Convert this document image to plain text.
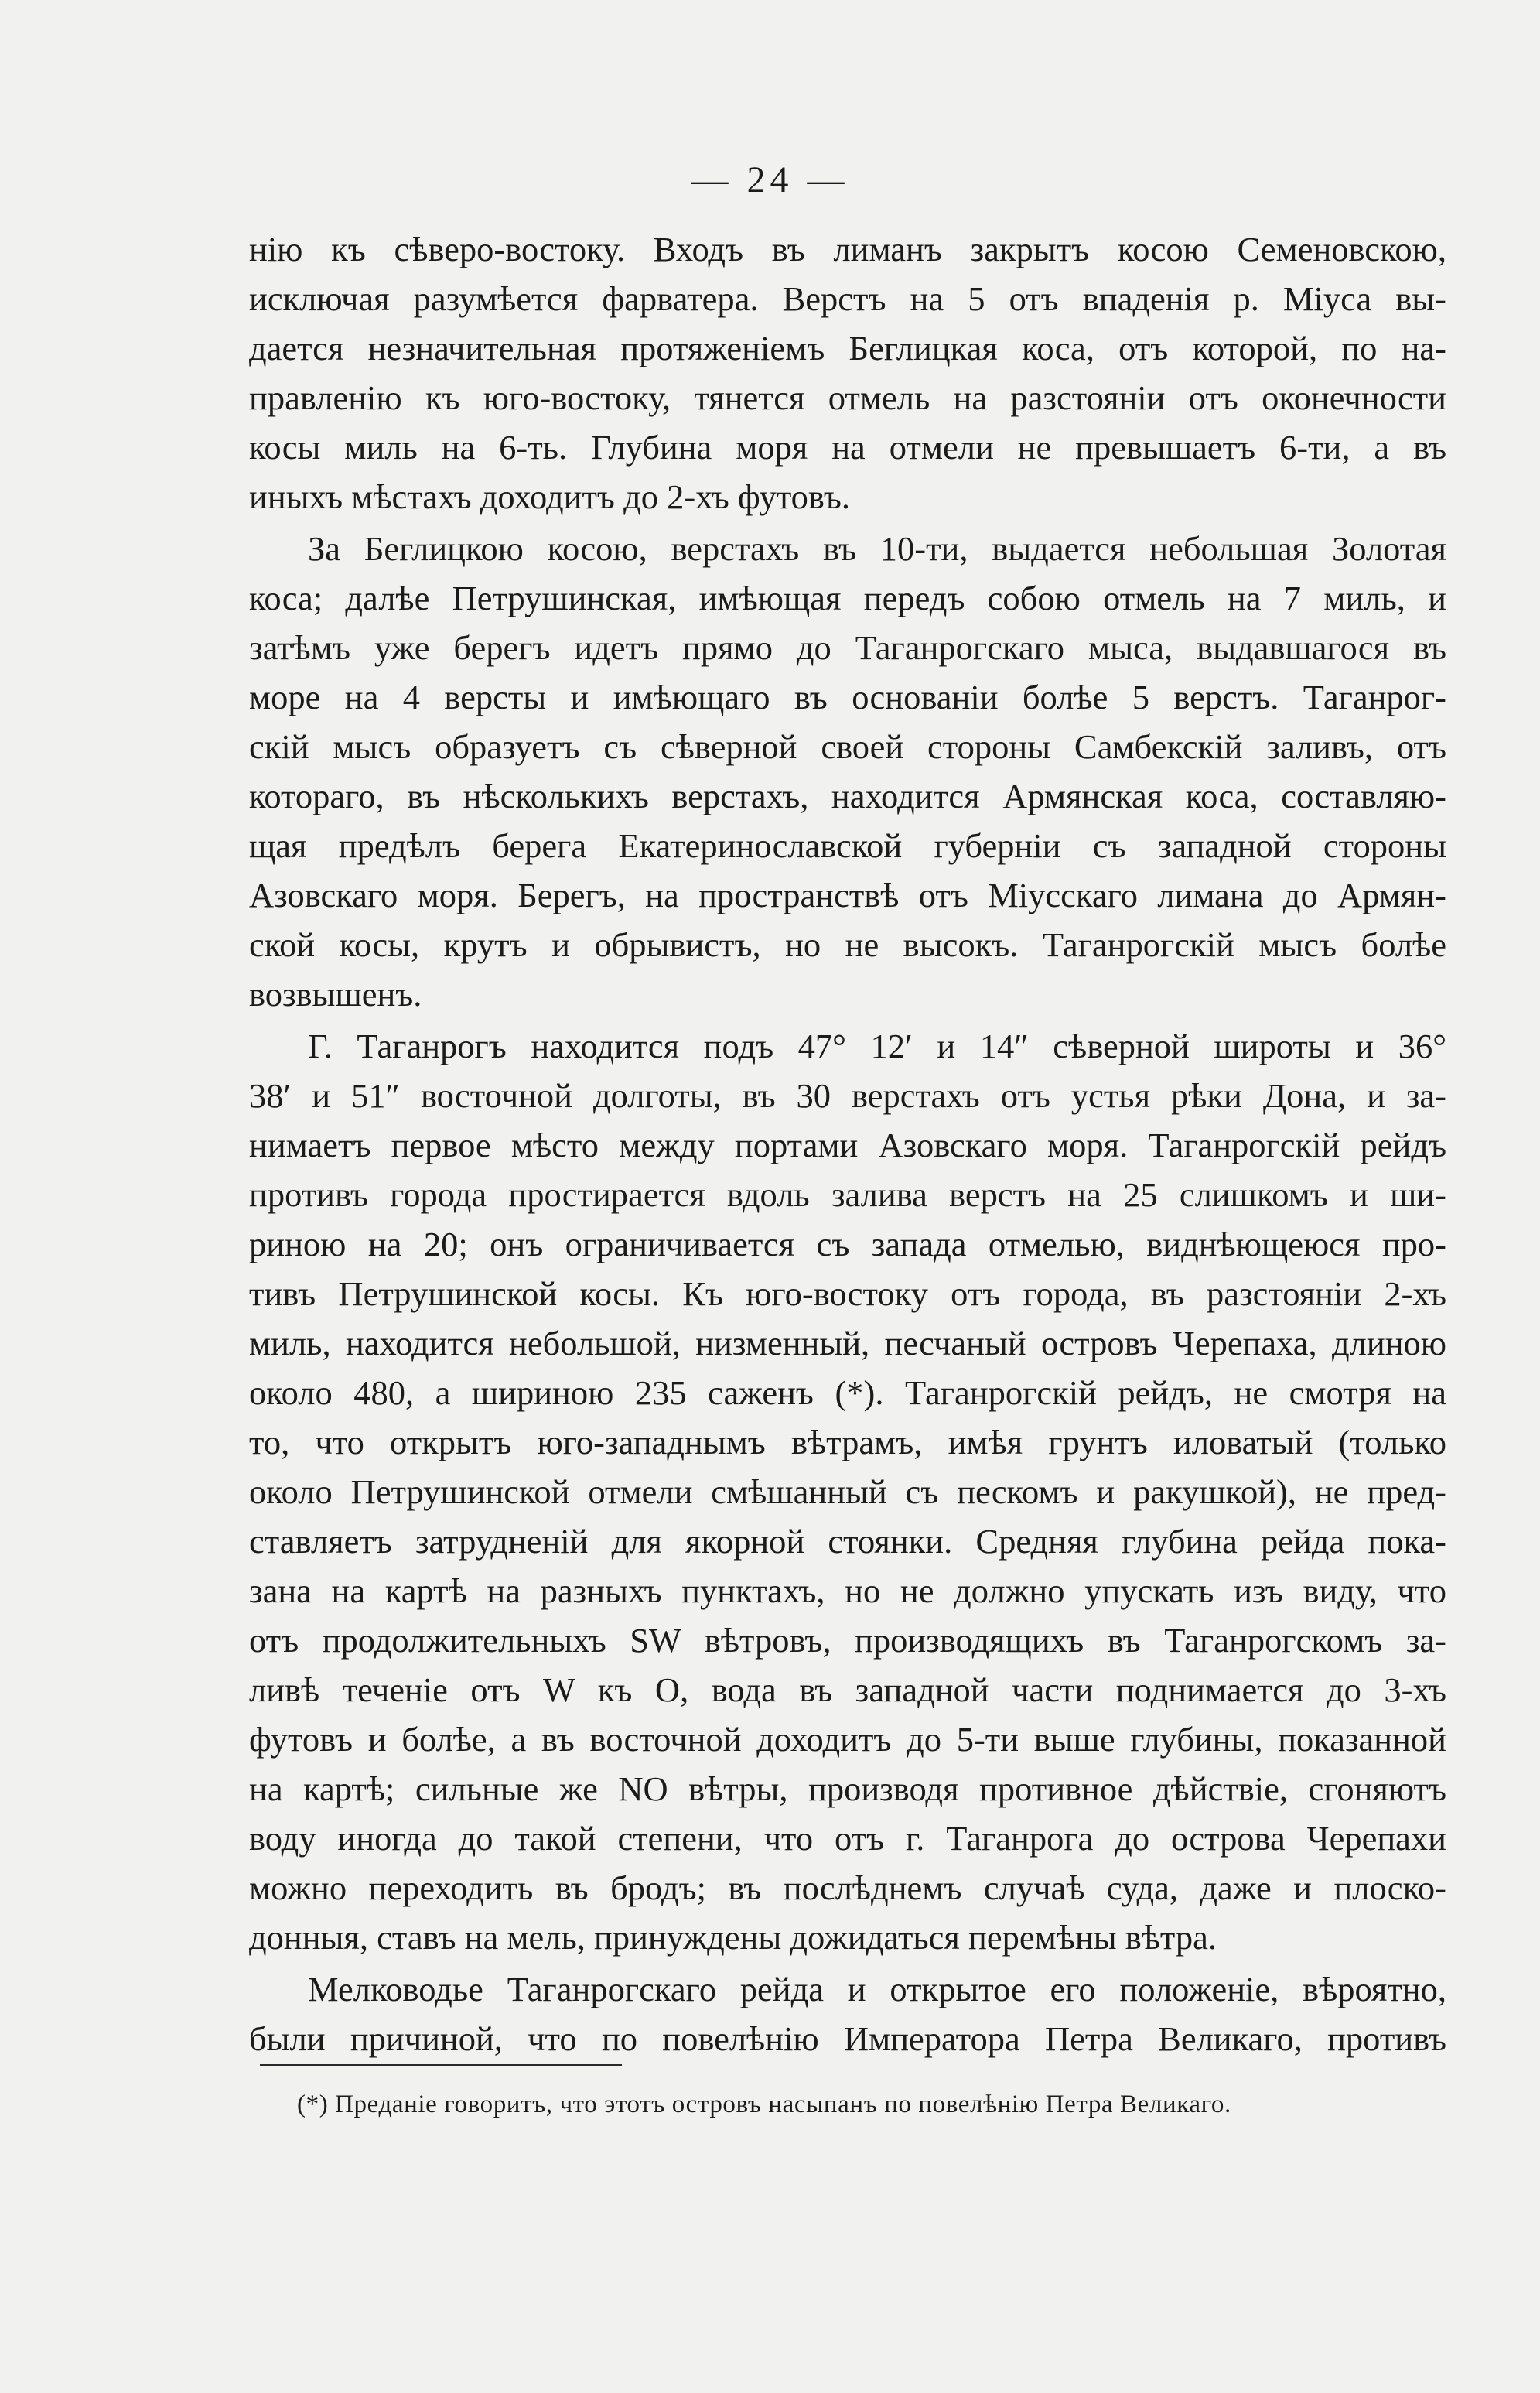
— 24 —
нію къ сѣверо-востоку. Входъ въ лиманъ закрытъ косою Семеновскою,
исключая разумѣется фарватера. Верстъ на 5 отъ впаденія р. Міуса вы-
дается незначительная протяженіемъ Беглицкая коса, отъ которой, по на-
правленію къ юго-востоку, тянется отмель на разстояніи отъ оконечности
косы миль на 6-ть. Глубина моря на отмели не превышаетъ 6-ти, а въ
иныхъ мѣстахъ доходитъ до 2-хъ футовъ.
За Беглицкою косою, верстахъ въ 10-ти, выдается небольшая Золотая
коса; далѣе Петрушинская, имѣющая передъ собою отмель на 7 миль, и
затѣмъ уже берегъ идетъ прямо до Таганрогскаго мыса, выдавшагося въ
море на 4 версты и имѣющаго въ основаніи болѣе 5 верстъ. Таганрог-
скій мысъ образуетъ съ сѣверной своей стороны Самбекскій заливъ, отъ
котораго, въ нѣсколькихъ верстахъ, находится Армянская коса, составляю-
щая предѣлъ берега Екатеринославской губерніи съ западной стороны
Азовскаго моря. Берегъ, на пространствѣ отъ Міусскаго лимана до Армян-
ской косы, крутъ и обрывистъ, но не высокъ. Таганрогскій мысъ болѣе
возвышенъ.
Г. Таганрогъ находится подъ 47° 12′ и 14″ сѣверной широты и 36°
38′ и 51″ восточной долготы, въ 30 верстахъ отъ устья рѣки Дона, и за-
нимаетъ первое мѣсто между портами Азовскаго моря. Таганрогскій рейдъ
противъ города простирается вдоль залива верстъ на 25 слишкомъ и ши-
риною на 20; онъ ограничивается съ запада отмелью, виднѣющеюся про-
тивъ Петрушинской косы. Къ юго-востоку отъ города, въ разстояніи 2-хъ
миль, находится небольшой, низменный, песчаный островъ Черепаха, длиною
около 480, а шириною 235 саженъ (*). Таганрогскій рейдъ, не смотря на
то, что открытъ юго-западнымъ вѣтрамъ, имѣя грунтъ иловатый (только
около Петрушинской отмели смѣшанный съ пескомъ и ракушкой), не пред-
ставляетъ затрудненій для якорной стоянки. Средняя глубина рейда пока-
зана на картѣ на разныхъ пунктахъ, но не должно упускать изъ виду, что
отъ продолжительныхъ SW вѣтровъ, производящихъ въ Таганрогскомъ за-
ливѣ теченіе отъ W къ O, вода въ западной части поднимается до 3-хъ
футовъ и болѣе, а въ восточной доходитъ до 5-ти выше глубины, показанной
на картѣ; сильные же NO вѣтры, производя противное дѣйствіе, сгоняютъ
воду иногда до такой степени, что отъ г. Таганрога до острова Черепахи
можно переходить въ бродъ; въ послѣднемъ случаѣ суда, даже и плоско-
донныя, ставъ на мель, принуждены дожидаться перемѣны вѣтра.
Мелководье Таганрогскаго рейда и открытое его положеніе, вѣроятно,
были причиной, что по повелѣнію Императора Петра Великаго, противъ
(*) Преданіе говоритъ, что этотъ островъ насыпанъ по повелѣнію Петра Великаго.
